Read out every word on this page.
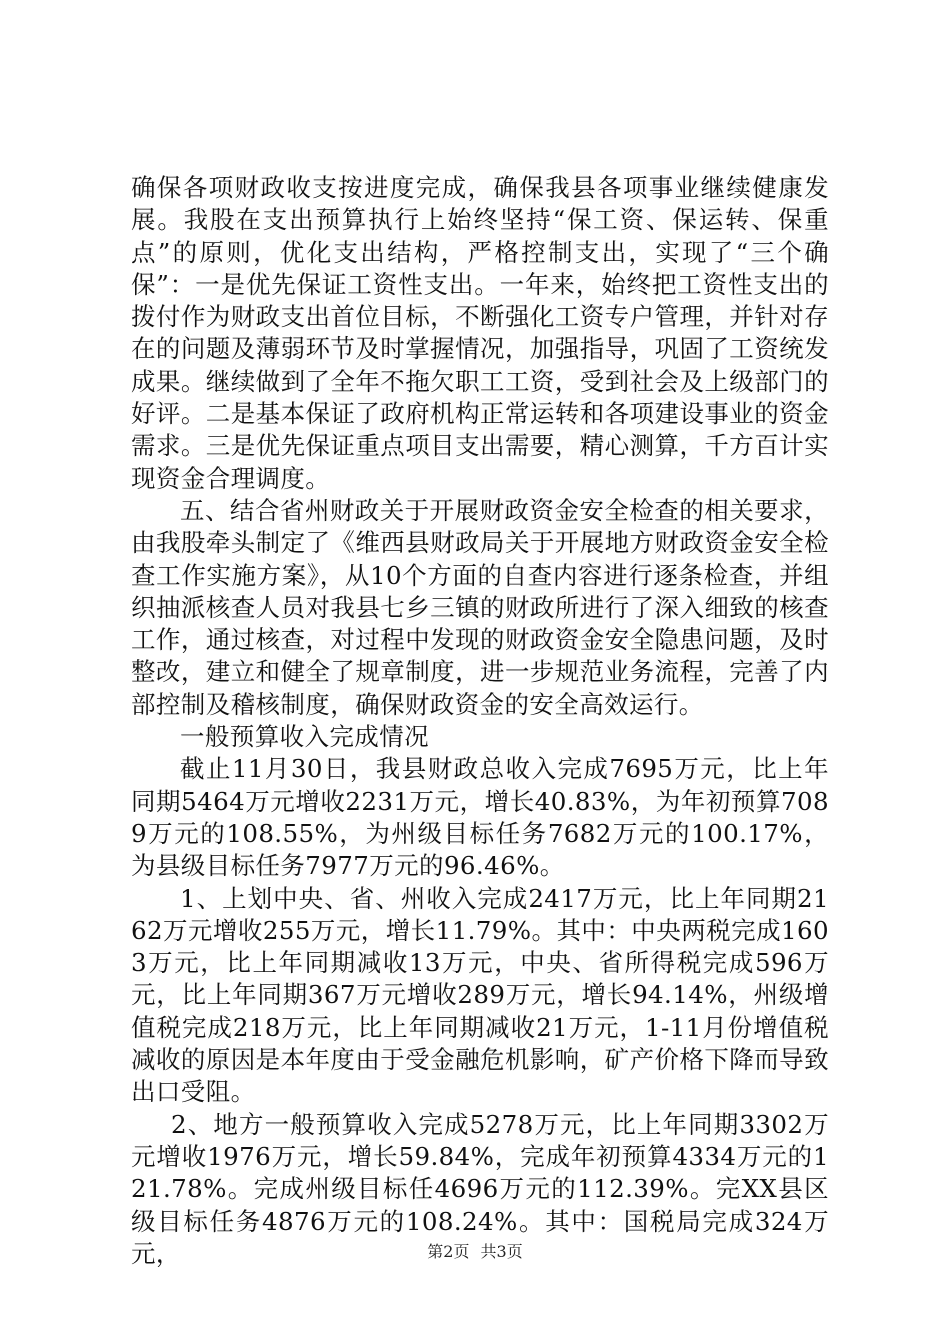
确保各项财政收支按进度完成，确保我县各项事业继续健康发展。我股在支出预算执行上始终坚持“保工资、保运转、保重点”的原则，优化支出结构，严格控制支出，实现了“三个确保”：一是优先保证工资性支出。一年来，始终把工资性支出的拨付作为财政支出首位目标，不断强化工资专户管理，并针对存在的问题及薄弱环节及时掌握情况，加强指导，巩固了工资统发成果。继续做到了全年不拖欠职工工资，受到社会及上级部门的好评。二是基本保证了政府机构正常运转和各项建设事业的资金需求。三是优先保证重点项目支出需要，精心测算，千方百计实现资金合理调度。

五、结合省州财政关于开展财政资金安全检查的相关要求，由我股牵头制定了《维西县财政局关于开展地方财政资金安全检查工作实施方案》，从10个方面的自查内容进行逐条检查，并组织抽派核查人员对我县七乡三镇的财政所进行了深入细致的核查工作，通过核查，对过程中发现的财政资金安全隐患问题，及时整改，建立和健全了规章制度，进一步规范业务流程，完善了内部控制及稽核制度，确保财政资金的安全高效运行。

一般预算收入完成情况

截止11月30日，我县财政总收入完成7695万元，比上年同期5464万元增收2231万元，增长40.83%，为年初预算7089万元的108.55%，为州级目标任务7682万元的100.17%，为县级目标任务7977万元的96.46%。

1、上划中央、省、州收入完成2417万元，比上年同期2162万元增收255万元，增长11.79%。其中：中央两税完成1603万元，比上年同期减收13万元，中央、省所得税完成596万元，比上年同期367万元增收289万元，增长94.14%，州级增值税完成218万元，比上年同期减收21万元，1-11月份增值税减收的原因是本年度由于受金融危机影响，矿产价格下降而导致出口受阻。

2、地方一般预算收入完成5278万元，比上年同期3302万元增收1976万元，增长59.84%，完成年初预算4334万元的121.78%。完成州级目标任4696万元的112.39%。完XX县区级目标任务4876万元的108.24%。其中：国税局完成324万元，	第2页 共3页
